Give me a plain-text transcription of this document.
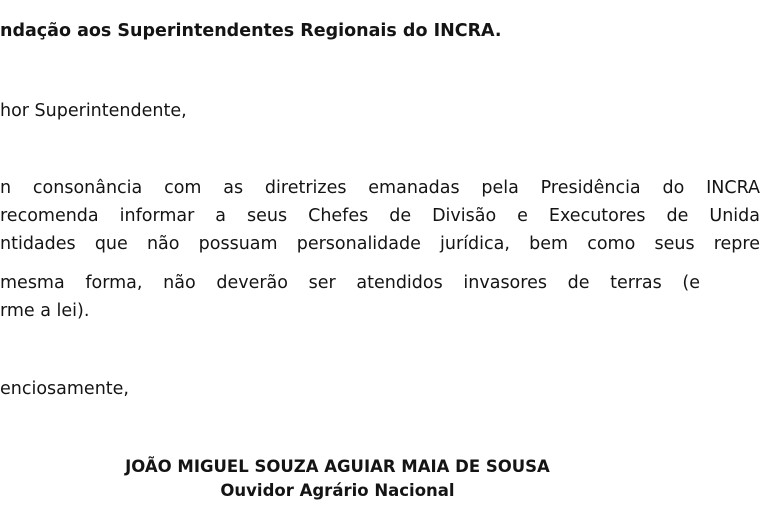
ndação aos Superintendentes Regionais do INCRA.
hor Superintendente,
n consonância com as diretrizes emanadas pela Presidência do INCRA
recomenda informar a seus Chefes de Divisão e Executores de Unida
ntidades que não possuam personalidade jurídica, bem como seus repre
mesma forma, não deverão ser atendidos invasores de terras (e
rme a lei).
enciosamente,
JOÃO MIGUEL SOUZA AGUIAR MAIA DE SOUSA
Ouvidor Agrário Nacional
